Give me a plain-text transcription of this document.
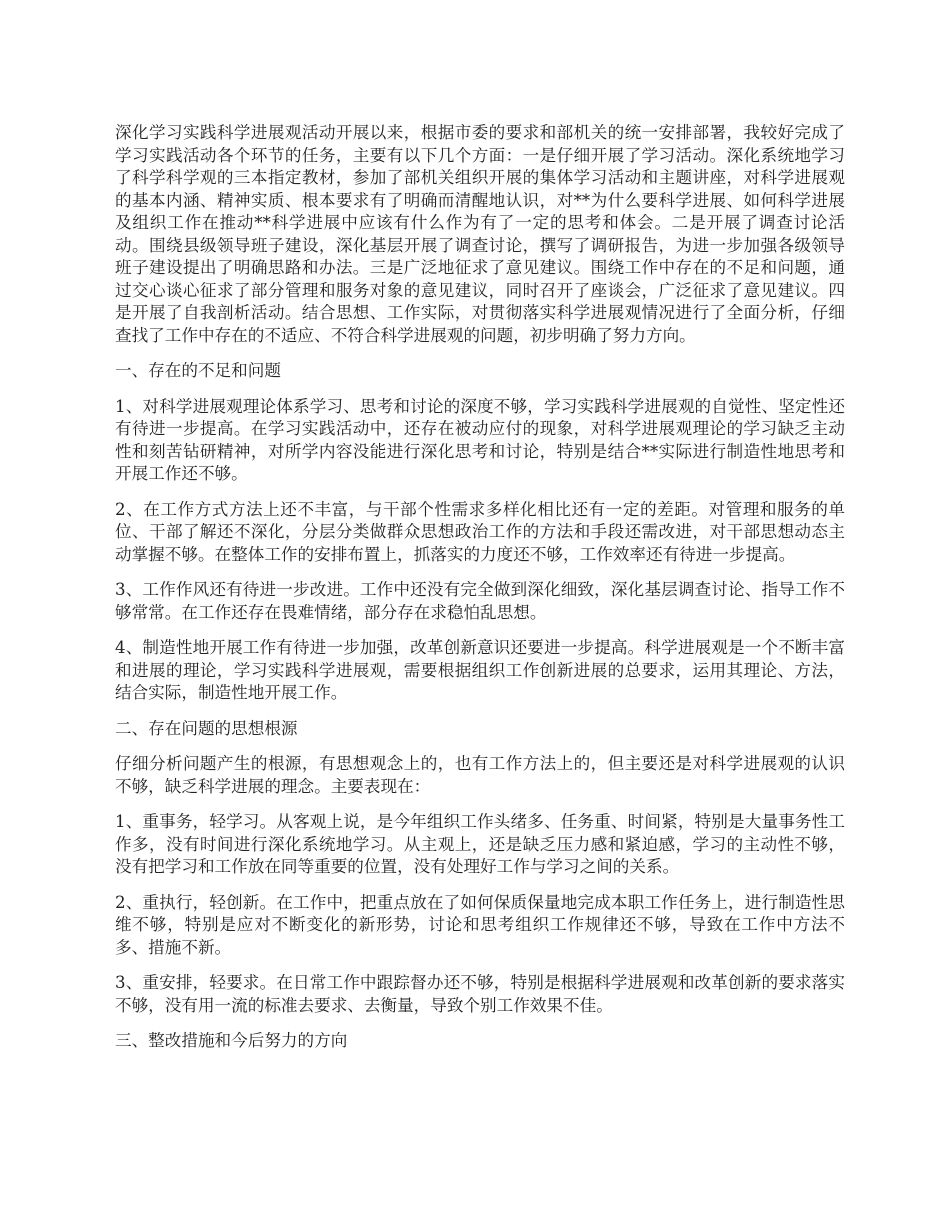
深化学习实践科学进展观活动开展以来，根据市委的要求和部机关的统一安排部署，我较好完成了学习实践活动各个环节的任务，主要有以下几个方面：一是仔细开展了学习活动。深化系统地学习了科学科学观的三本指定教材，参加了部机关组织开展的集体学习活动和主题讲座，对科学进展观的基本内涵、精神实质、根本要求有了明确而清醒地认识，对**为什么要科学进展、如何科学进展及组织工作在推动**科学进展中应该有什么作为有了一定的思考和体会。二是开展了调查讨论活动。围绕县级领导班子建设，深化基层开展了调查讨论，撰写了调研报告，为进一步加强各级领导班子建设提出了明确思路和办法。三是广泛地征求了意见建议。围绕工作中存在的不足和问题，通过交心谈心征求了部分管理和服务对象的意见建议，同时召开了座谈会，广泛征求了意见建议。四是开展了自我剖析活动。结合思想、工作实际，对贯彻落实科学进展观情况进行了全面分析，仔细查找了工作中存在的不适应、不符合科学进展观的问题，初步明确了努力方向。

一、存在的不足和问题

1、对科学进展观理论体系学习、思考和讨论的深度不够，学习实践科学进展观的自觉性、坚定性还有待进一步提高。在学习实践活动中，还存在被动应付的现象，对科学进展观理论的学习缺乏主动性和刻苦钻研精神，对所学内容没能进行深化思考和讨论，特别是结合**实际进行制造性地思考和开展工作还不够。

2、在工作方式方法上还不丰富，与干部个性需求多样化相比还有一定的差距。对管理和服务的单位、干部了解还不深化，分层分类做群众思想政治工作的方法和手段还需改进，对干部思想动态主动掌握不够。在整体工作的安排布置上，抓落实的力度还不够，工作效率还有待进一步提高。

3、工作作风还有待进一步改进。工作中还没有完全做到深化细致，深化基层调查讨论、指导工作不够常常。在工作还存在畏难情绪，部分存在求稳怕乱思想。

4、制造性地开展工作有待进一步加强，改革创新意识还要进一步提高。科学进展观是一个不断丰富和进展的理论，学习实践科学进展观，需要根据组织工作创新进展的总要求，运用其理论、方法，结合实际，制造性地开展工作。

二、存在问题的思想根源

仔细分析问题产生的根源，有思想观念上的，也有工作方法上的，但主要还是对科学进展观的认识不够，缺乏科学进展的理念。主要表现在：

1、重事务，轻学习。从客观上说，是今年组织工作头绪多、任务重、时间紧，特别是大量事务性工作多，没有时间进行深化系统地学习。从主观上，还是缺乏压力感和紧迫感，学习的主动性不够，没有把学习和工作放在同等重要的位置，没有处理好工作与学习之间的关系。

2、重执行，轻创新。在工作中，把重点放在了如何保质保量地完成本职工作任务上，进行制造性思维不够，特别是应对不断变化的新形势，讨论和思考组织工作规律还不够，导致在工作中方法不多、措施不新。

3、重安排，轻要求。在日常工作中跟踪督办还不够，特别是根据科学进展观和改革创新的要求落实不够，没有用一流的标准去要求、去衡量，导致个别工作效果不佳。

三、整改措施和今后努力的方向
